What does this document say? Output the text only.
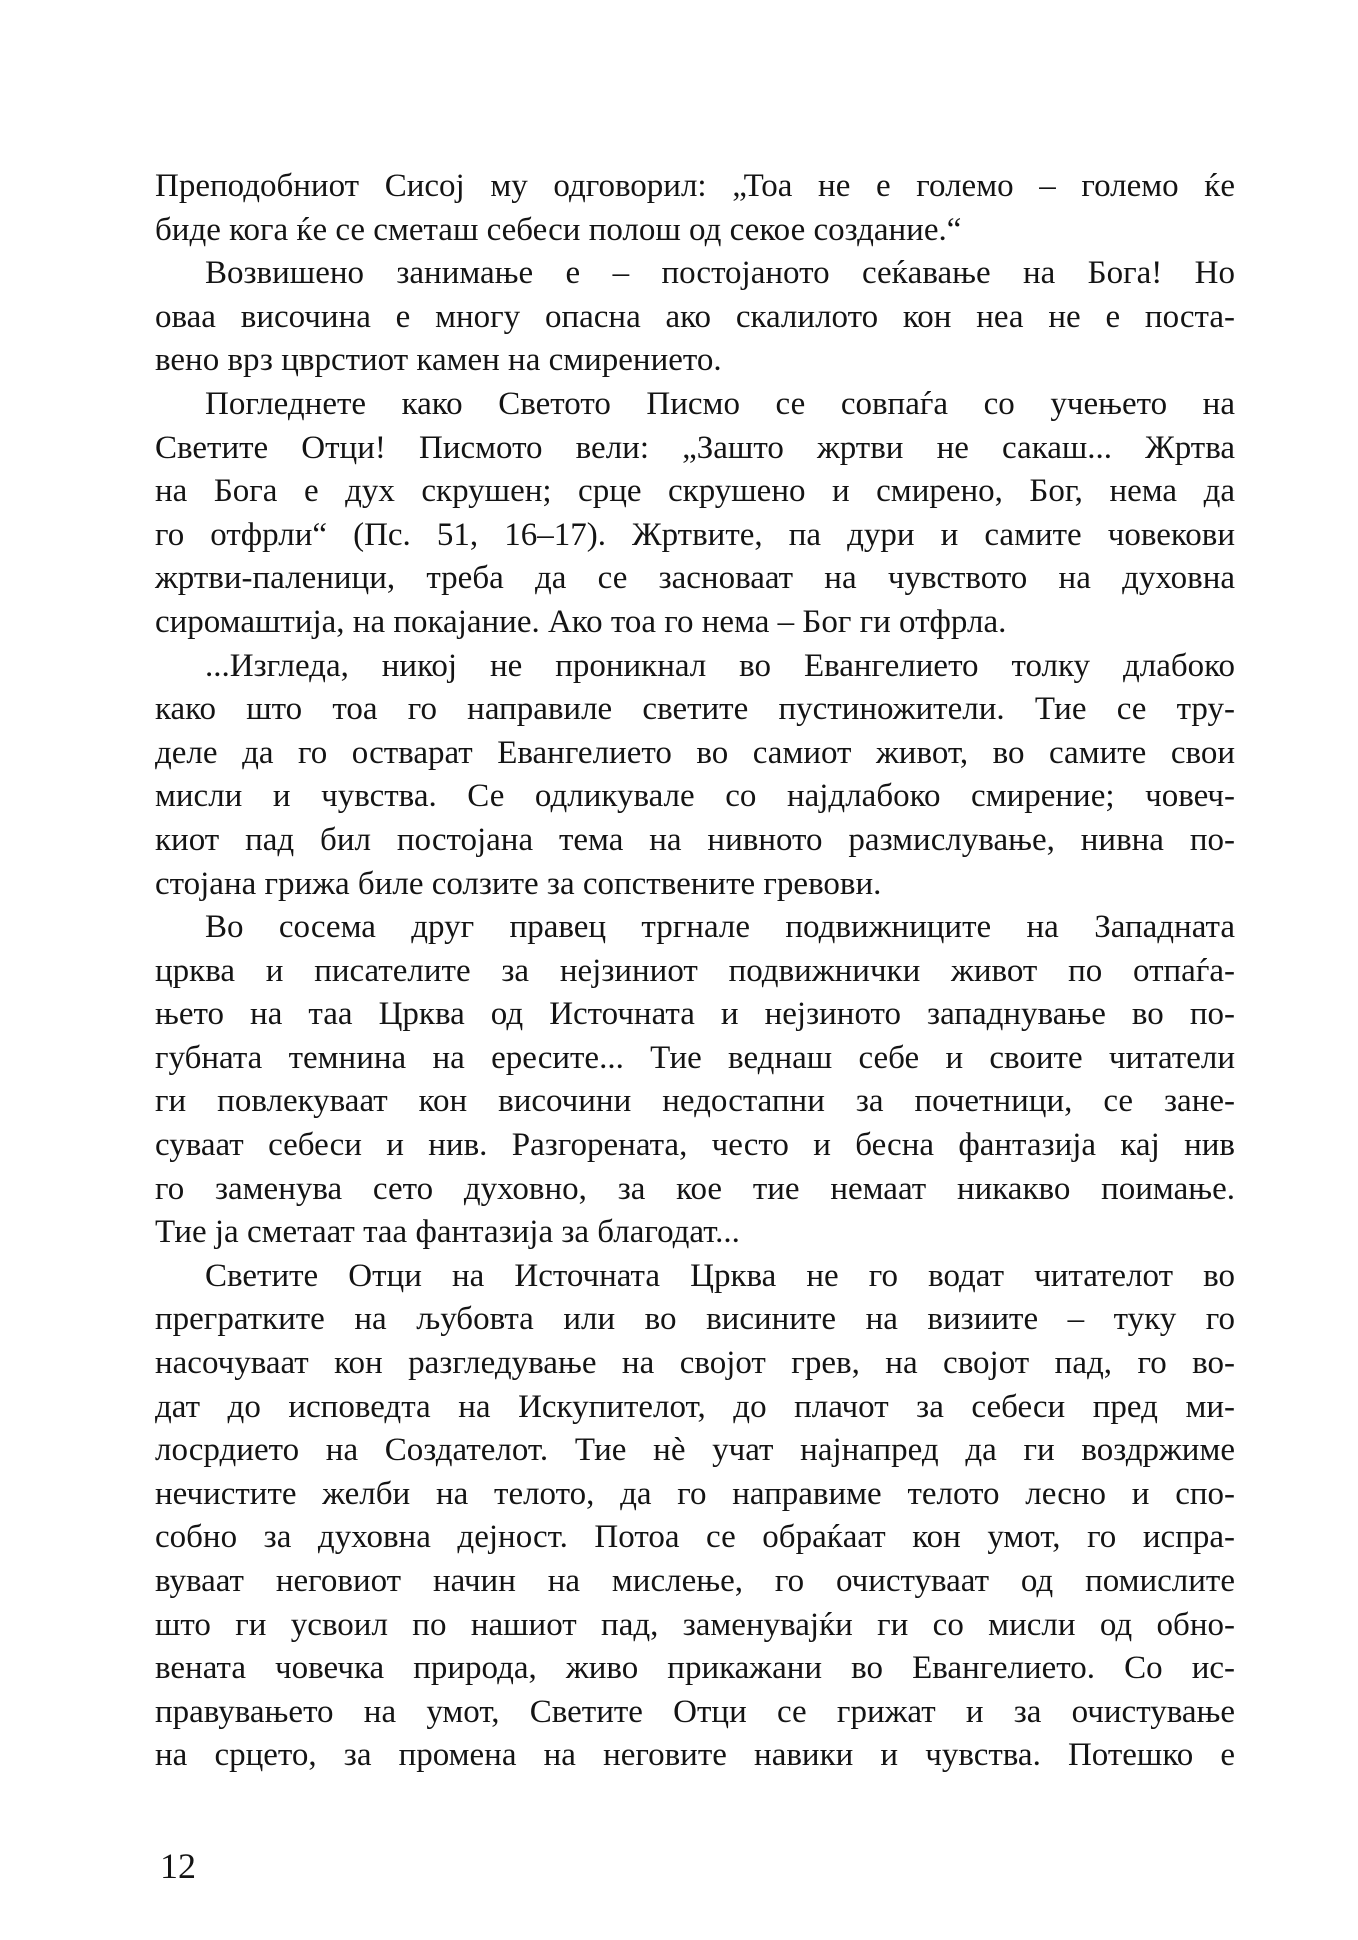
Преподобниот Сисој му одговорил: „Тоа не е големо – големо ќе
биде кога ќе се сметаш себеси полош од секое создание.“
Возвишено занимање е – постојаното сеќавање на Бога! Но
оваа височина е многу опасна ако скалилото кон неа не е поста-
вено врз цврстиот камен на смирението.
Погледнете како Светото Писмо се совпаѓа со учењето на
Светите Отци! Писмото вели: „Зашто жртви не сакаш... Жртва
на Бога е дух скрушен; срце скрушено и смирено, Бог, нема да
го отфрли“ (Пс. 51, 16–17). Жртвите, па дури и самите човекови
жртви-паленици, треба да се засноваат на чувството на духовна
сиромаштија, на покајание. Ако тоа го нема – Бог ги отфрла.
...Изгледа, никој не проникнал во Евангелието толку длабоко
како што тоа го направиле светите пустиножители. Тие се тру-
деле да го остварат Евангелието во самиот живот, во самите свои
мисли и чувства. Се одликувале со најдлабоко смирение; човеч-
киот пад бил постојана тема на нивното размислување, нивна по-
стојана грижа биле солзите за сопствените гревови.
Во сосема друг правец тргнале подвижниците на Западната
црква и писателите за нејзиниот подвижнички живот по отпаѓа-
њето на таа Црква од Источната и нејзиното западнување во по-
губната темнина на ересите... Тие веднаш себе и своите читатели
ги повлекуваат кон височини недостапни за почетници, се зане-
суваат себеси и нив. Разгорената, често и бесна фантазија кај нив
го заменува сето духовно, за кое тие немаат никакво поимање.
Тие ја сметаат таа фантазија за благодат...
Светите Отци на Источната Црква не го водат читателот во
прегратките на љубовта или во висините на визиите – туку го
насочуваат кон разгледување на својот грев, на својот пад, го во-
дат до исповедта на Искупителот, до плачот за себеси пред ми-
лосрдието на Создателот. Тие нѐ учат најнапред да ги воздржиме
нечистите желби на телото, да го направиме телото лесно и спо-
собно за духовна дејност. Потоа се обраќаат кон умот, го испра-
вуваат неговиот начин на мислење, го очистуваат од помислите
што ги усвоил по нашиот пад, заменувајќи ги со мисли од обно-
вената човечка природа, живо прикажани во Евангелието. Со ис-
правувањето на умот, Светите Отци се грижат и за очистување
на срцето, за промена на неговите навики и чувства. Потешко е
12
